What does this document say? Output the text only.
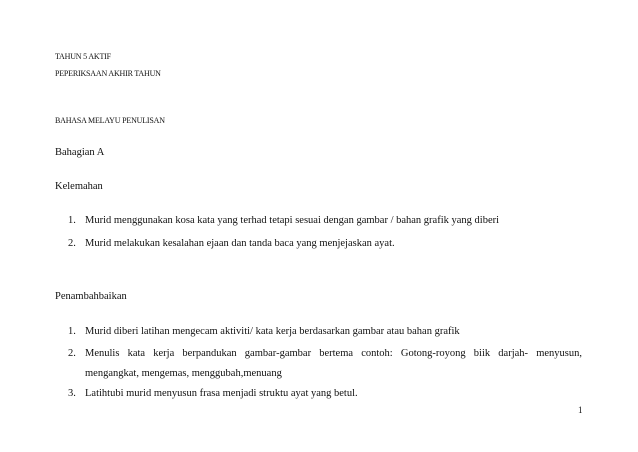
TAHUN 5 AKTIF
PEPERIKSAAN AKHIR TAHUN
BAHASA MELAYU PENULISAN
Bahagian A
Kelemahan
1. Murid menggunakan kosa kata yang terhad tetapi sesuai dengan gambar / bahan grafik yang diberi
2. Murid melakukan kesalahan ejaan dan tanda baca yang menjejaskan ayat.
Penambahbaikan
1. Murid diberi latihan mengecam aktiviti/ kata kerja berdasarkan gambar atau bahan grafik
2. Menulis kata kerja berpandukan gambar-gambar bertema contoh: Gotong-royong biik darjah- menyusun,
mengangkat, mengemas, menggubah,menuang
3. Latihtubi murid menyusun frasa menjadi struktu ayat yang betul.
1
